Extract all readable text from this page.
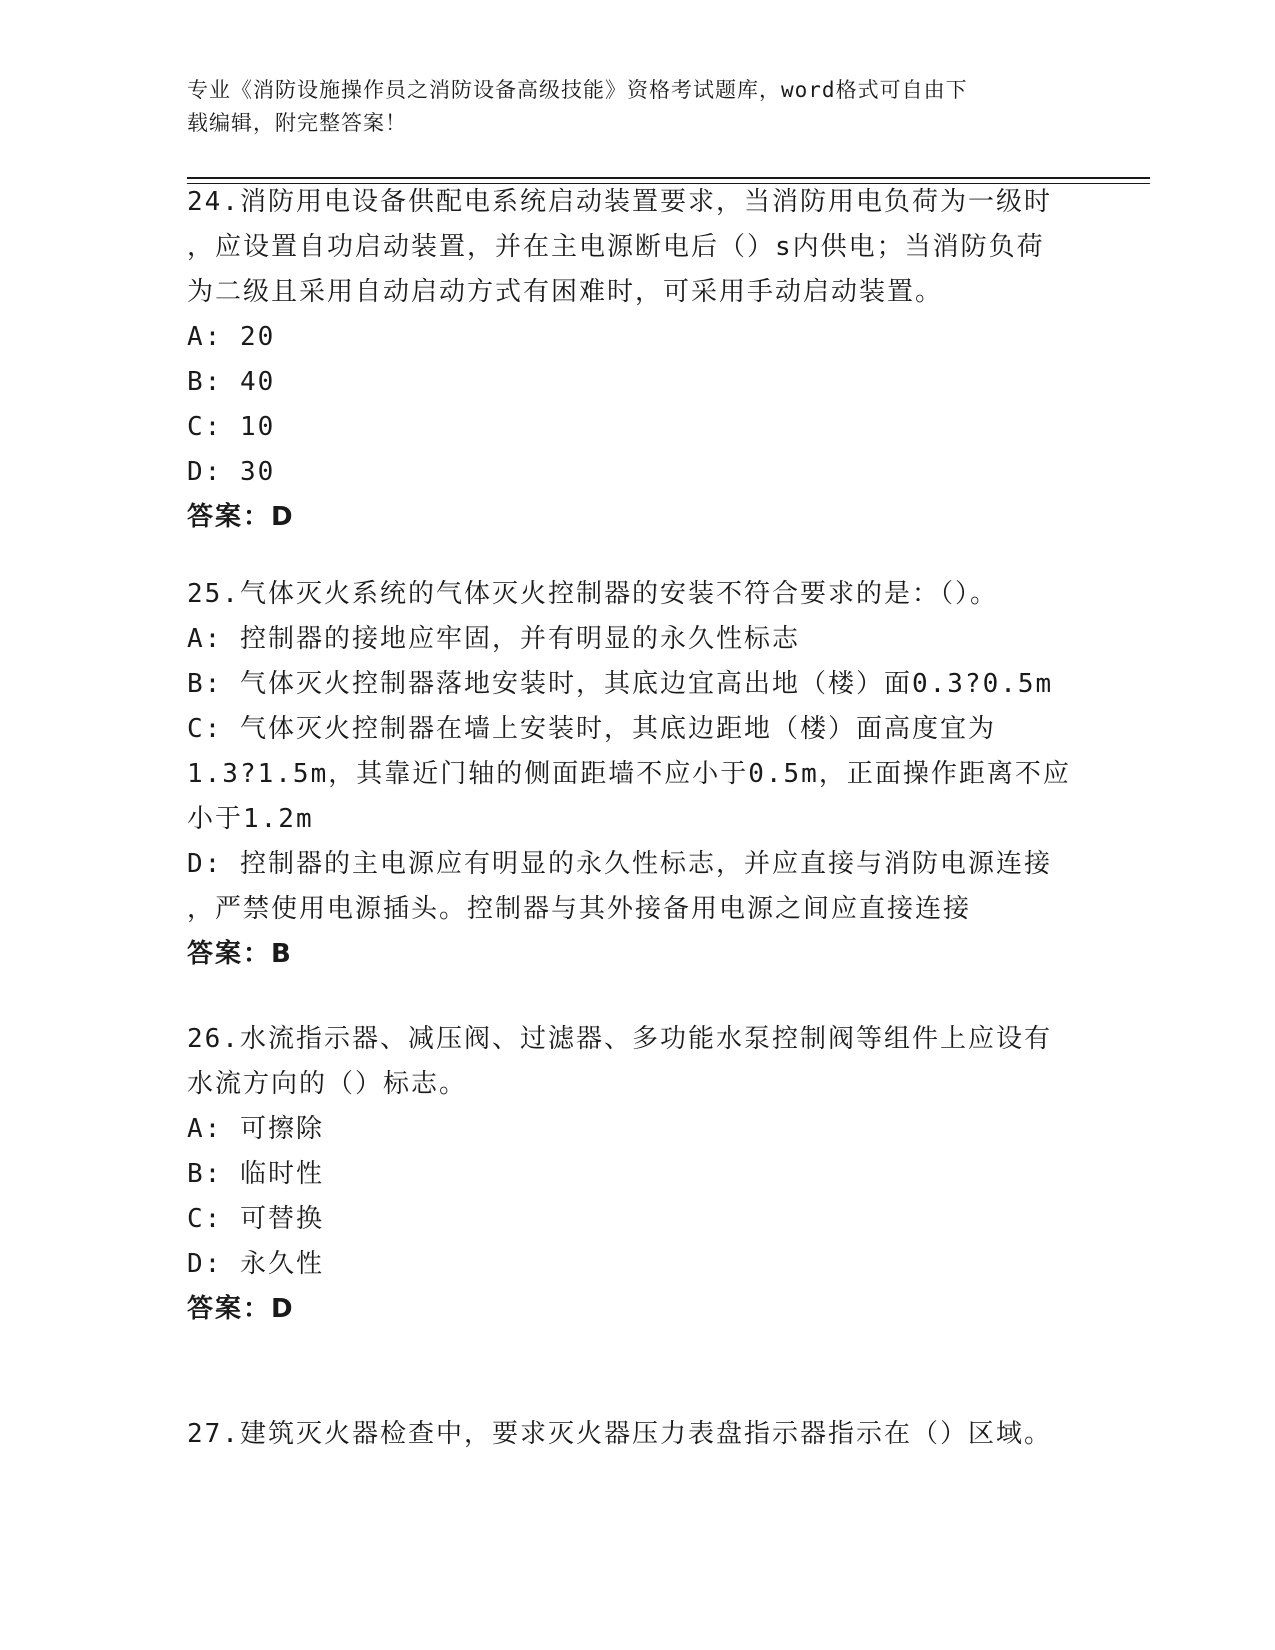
专业《消防设施操作员之消防设备高级技能》资格考试题库，word格式可自由下
载编辑，附完整答案！
24.消防用电设备供配电系统启动装置要求，当消防用电负荷为一级时
，应设置自功启动装置，并在主电源断电后（）s内供电；当消防负荷
为二级且采用自动启动方式有困难时，可采用手动启动装置。
A: 20
B: 40
C: 10
D: 30
答案：D
25.气体灭火系统的气体灭火控制器的安装不符合要求的是：（）。
A: 控制器的接地应牢固，并有明显的永久性标志
B: 气体灭火控制器落地安装时，其底边宜高出地（楼）面0.3?0.5m
C: 气体灭火控制器在墙上安装时，其底边距地（楼）面高度宜为
1.3?1.5m，其靠近门轴的侧面距墙不应小于0.5m，正面操作距离不应
小于1.2m
D: 控制器的主电源应有明显的永久性标志，并应直接与消防电源连接
，严禁使用电源插头。控制器与其外接备用电源之间应直接连接
答案：B
26.水流指示器、减压阀、过滤器、多功能水泵控制阀等组件上应设有
水流方向的（）标志。
A: 可擦除
B: 临时性
C: 可替换
D: 永久性
答案：D
27.建筑灭火器检查中，要求灭火器压力表盘指示器指示在（）区域。
